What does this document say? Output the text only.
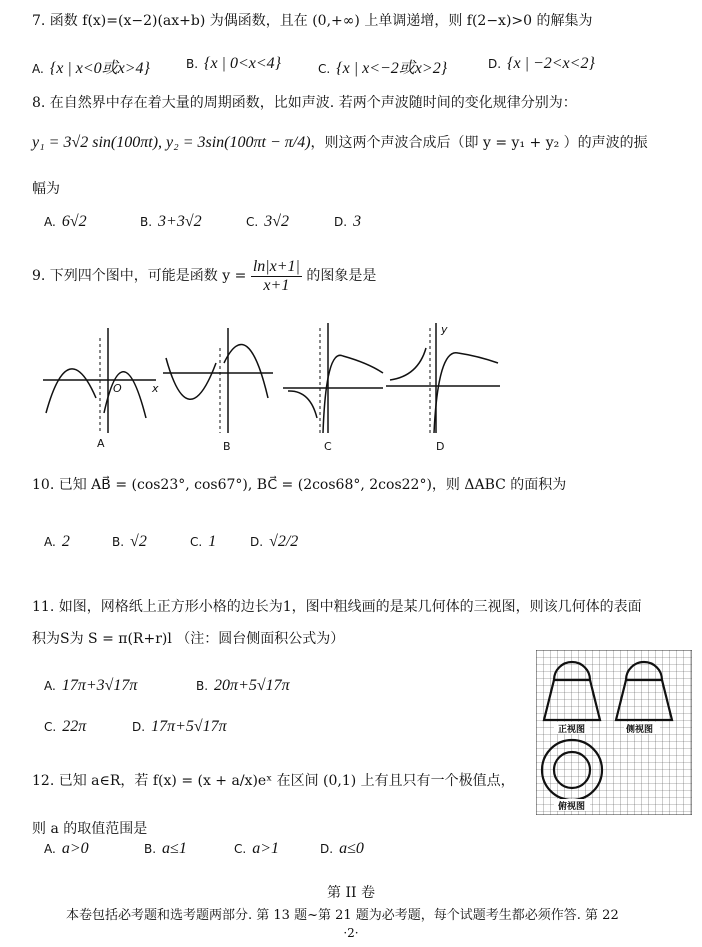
7. 函数 f(x)=(x−2)(ax+b) 为偶函数，且在 (0,+∞) 上单调递增，则 f(2−x)>0 的解集为
A. {x | x<0或x>4}	B. {x | 0<x<4}	C. {x | x<−2或x>2}	D. {x | −2<x<2}
8. 在自然界中存在着大量的周期函数，比如声波. 若两个声波随时间的变化规律分别为：
y₁ = 3√2 sin(100πt), y₂ = 3sin(100πt − π/4)，则这两个声波合成后（即 y = y₁ + y₂ ）的声波的振
幅为
A. 6√2	B. 3+3√2	C. 3√2	D. 3
9. 下列四个图中，可能是函数 $y = \frac{\ln|x+1|}{x+1}$ 的图象是是
A	B	C	D
x
y
O
10. 已知 AB⃗ = (cos23°, cos67°), BC⃗ = (2cos68°, 2cos22°)，则 ΔABC 的面积为
A. 2	B. √2	C. 1	D. √2/2
11. 如图，网格纸上正方形小格的边长为1，图中粗线画的是某几何体的三视图，则该几何体的表面
积为S为 S = π(R+r)l （注：圆台侧面积公式为）
A. 17π+3√17π	B. 20π+5√17π
C. 22π	D. 17π+5√17π	正视图	侧视图
俯视图
12. 已知 a∈R，若 f(x) = (x + a/x)eˣ 在区间 (0,1) 上有且只有一个极值点，
则 a 的取值范围是
A. a>0	B. a≤1	C. a>1	D. a≤0
第 II 卷
本卷包括必考题和选考题两部分. 第 13 题~第 21 题为必考题，每个试题考生都必须作答. 第 22
·2·
